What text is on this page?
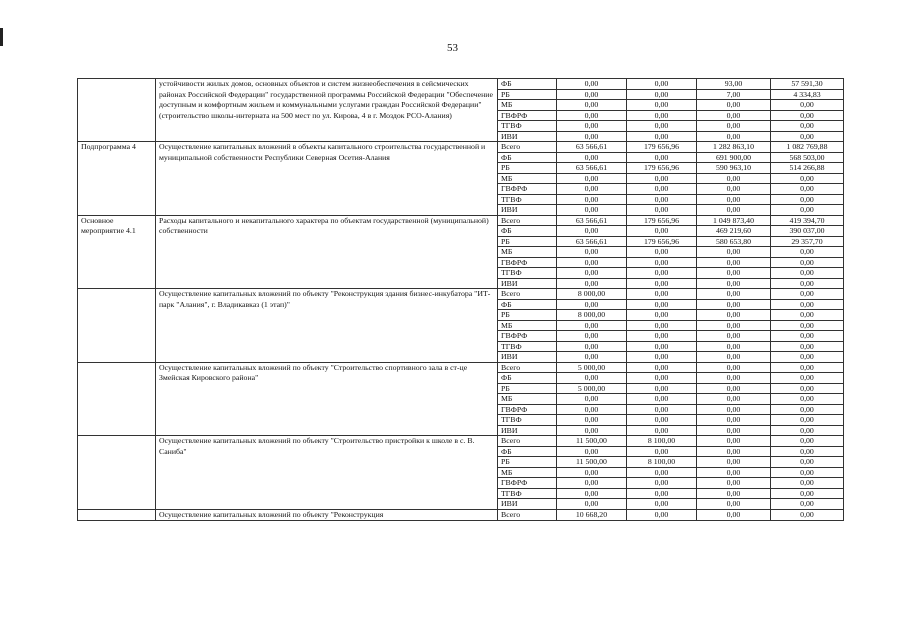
53
	устойчивости жилых домов, основных объектов и систем жизнеобеспечения в сейсмических районах Российской Федерации" государственной программы Российской Федерации "Обеспечение доступным и комфортным жильем и коммунальными услугами граждан Российской Федерации" (строительство школы-интерната на 500 мест по ул. Кирова, 4 в г. Моздок РСО-Алания)	ФБ	0,00	0,00	93,00	57 591,30
		РБ	0,00	0,00	7,00	4 334,83
		МБ	0,00	0,00	0,00	0,00
		ГВФРФ	0,00	0,00	0,00	0,00
		ТГВФ	0,00	0,00	0,00	0,00
		ИВИ	0,00	0,00	0,00	0,00
Подпрограмма 4	Осуществление капитальных вложений в объекты капитального строительства государственной и муниципальной собственности Республики Северная Осетия-Алания	Всего	63 566,61	179 656,96	1 282 863,10	1 082 769,88
		ФБ	0,00	0,00	691 900,00	568 503,00
		РБ	63 566,61	179 656,96	590 963,10	514 266,88
		МБ	0,00	0,00	0,00	0,00
		ГВФРФ	0,00	0,00	0,00	0,00
		ТГВФ	0,00	0,00	0,00	0,00
		ИВИ	0,00	0,00	0,00	0,00
Основное мероприятие 4.1	Расходы капитального и некапитального характера по объектам государственной (муниципальной) собственности	Всего	63 566,61	179 656,96	1 049 873,40	419 394,70
		ФБ	0,00	0,00	469 219,60	390 037,00
		РБ	63 566,61	179 656,96	580 653,80	29 357,70
		МБ	0,00	0,00	0,00	0,00
		ГВФРФ	0,00	0,00	0,00	0,00
		ТГВФ	0,00	0,00	0,00	0,00
		ИВИ	0,00	0,00	0,00	0,00
	Осуществление капитальных вложений по объекту "Реконструкция здания бизнес-инкубатора "ИТ-парк "Алания", г. Владикавказ (1 этап)"	Всего	8 000,00	0,00	0,00	0,00
		ФБ	0,00	0,00	0,00	0,00
		РБ	8 000,00	0,00	0,00	0,00
		МБ	0,00	0,00	0,00	0,00
		ГВФРФ	0,00	0,00	0,00	0,00
		ТГВФ	0,00	0,00	0,00	0,00
		ИВИ	0,00	0,00	0,00	0,00
	Осуществление капитальных вложений по объекту "Строительство спортивного зала в ст-це Змейская Кировского района"	Всего	5 000,00	0,00	0,00	0,00
		ФБ	0,00	0,00	0,00	0,00
		РБ	5 000,00	0,00	0,00	0,00
		МБ	0,00	0,00	0,00	0,00
		ГВФРФ	0,00	0,00	0,00	0,00
		ТГВФ	0,00	0,00	0,00	0,00
		ИВИ	0,00	0,00	0,00	0,00
	Осуществление капитальных вложений по объекту "Строительство пристройки к школе в с. В. Саниба"	Всего	11 500,00	8 100,00	0,00	0,00
		ФБ	0,00	0,00	0,00	0,00
		РБ	11 500,00	8 100,00	0,00	0,00
		МБ	0,00	0,00	0,00	0,00
		ГВФРФ	0,00	0,00	0,00	0,00
		ТГВФ	0,00	0,00	0,00	0,00
		ИВИ	0,00	0,00	0,00	0,00
	Осуществление капитальных вложений по объекту "Реконструкция	Всего	10 668,20	0,00	0,00	0,00
